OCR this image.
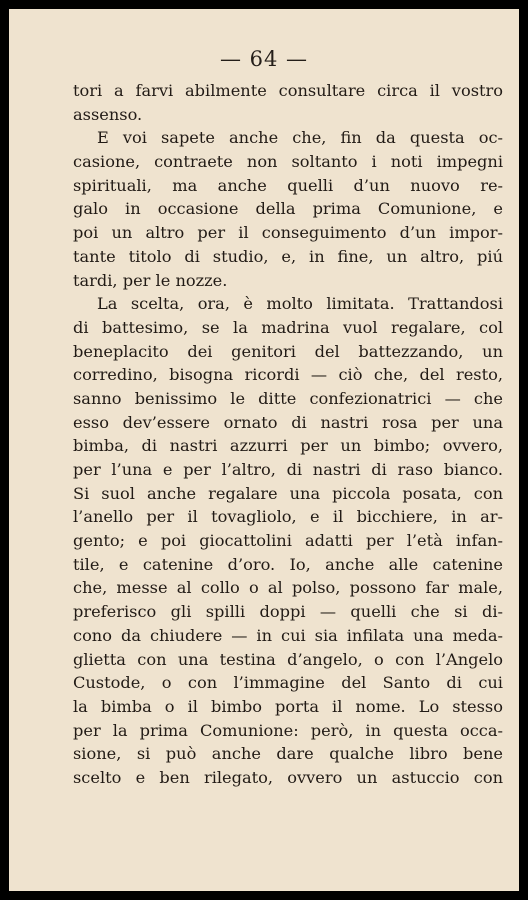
— 64 —
tori a farvi abilmente consultare circa il vostro
assenso.
E voi sapete anche che, fin da questa oc-
casione, contraete non soltanto i noti impegni
spirituali, ma anche quelli d’un nuovo re-
galo in occasione della prima Comunione, e
poi un altro per il conseguimento d’un impor-
tante titolo di studio, e, in fine, un altro, piú
tardi, per le nozze.
La scelta, ora, è molto limitata. Trattandosi
di battesimo, se la madrina vuol regalare, col
beneplacito dei genitori del battezzando, un
corredino, bisogna ricordi — ciò che, del resto,
sanno benissimo le ditte confezionatrici — che
esso dev’essere ornato di nastri rosa per una
bimba, di nastri azzurri per un bimbo; ovvero,
per l’una e per l’altro, di nastri di raso bianco.
Si suol anche regalare una piccola posata, con
l’anello per il tovagliolo, e il bicchiere, in ar-
gento; e poi giocattolini adatti per l’età infan-
tile, e catenine d’oro. Io, anche alle catenine
che, messe al collo o al polso, possono far male,
preferisco gli spilli doppi — quelli che si di-
cono da chiudere — in cui sia infilata una meda-
gliettа con una testina d’angelo, o con l’Angelo
Custode, o con l’immagine del Santo di cui
la bimba o il bimbo porta il nome. Lo stesso
per la prima Comunione: però, in questa occa-
sione, si può anche dare qualche libro bene
scelto e ben rilegato, ovvero un astuccio con
